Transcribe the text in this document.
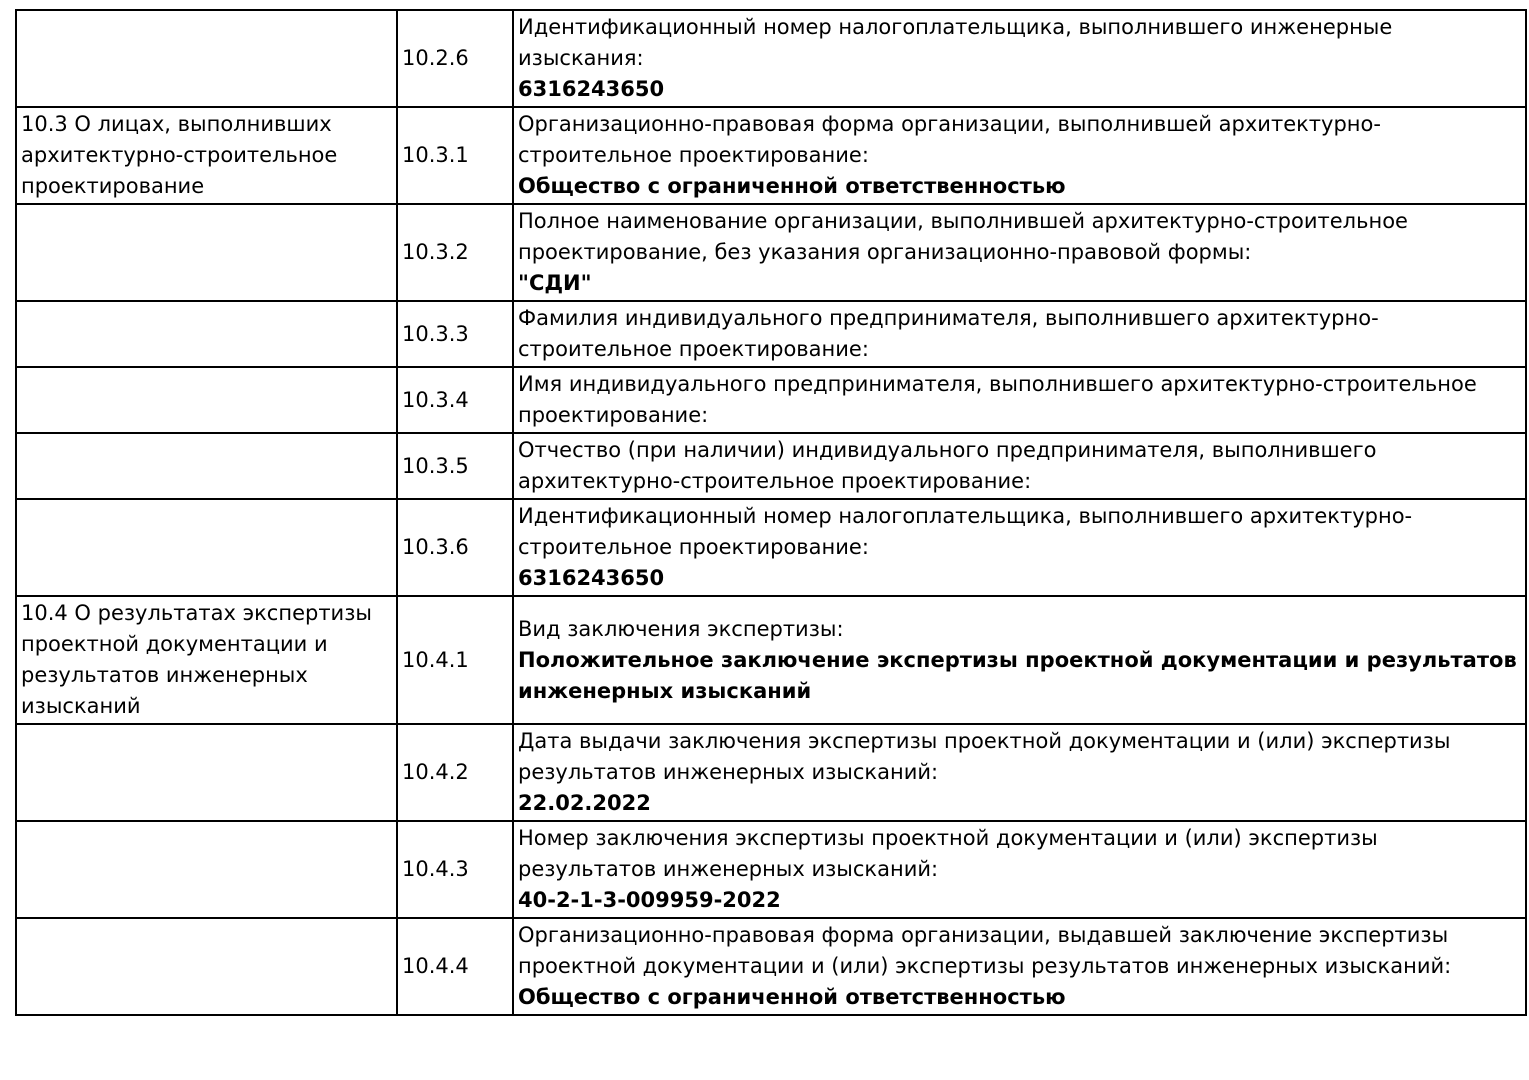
	10.2.6	Идентификационный номер налогоплательщика, выполнившего инженерные изыскания:
6316243650

10.3 О лицах, выполнивших архитектурно-строительное проектирование	10.3.1	Организационно-правовая форма организации, выполнившей архитектурно-строительное проектирование:
Общество с ограниченной ответственностью

	10.3.2	Полное наименование организации, выполнившей архитектурно-строительное проектирование, без указания организационно-правовой формы:
"СДИ"

	10.3.3	Фамилия индивидуального предпринимателя, выполнившего архитектурно-строительное проектирование:

	10.3.4	Имя индивидуального предпринимателя, выполнившего архитектурно-строительное проектирование:

	10.3.5	Отчество (при наличии) индивидуального предпринимателя, выполнившего архитектурно-строительное проектирование:

	10.3.6	Идентификационный номер налогоплательщика, выполнившего архитектурно-строительное проектирование:
6316243650

10.4 О результатах экспертизы проектной документации и результатов инженерных изысканий	10.4.1	Вид заключения экспертизы:
Положительное заключение экспертизы проектной документации и результатов инженерных изысканий

	10.4.2	Дата выдачи заключения экспертизы проектной документации и (или) экспертизы результатов инженерных изысканий:
22.02.2022

	10.4.3	Номер заключения экспертизы проектной документации и (или) экспертизы результатов инженерных изысканий:
40-2-1-3-009959-2022

	10.4.4	Организационно-правовая форма организации, выдавшей заключение экспертизы проектной документации и (или) экспертизы результатов инженерных изысканий:
Общество с ограниченной ответственностью
